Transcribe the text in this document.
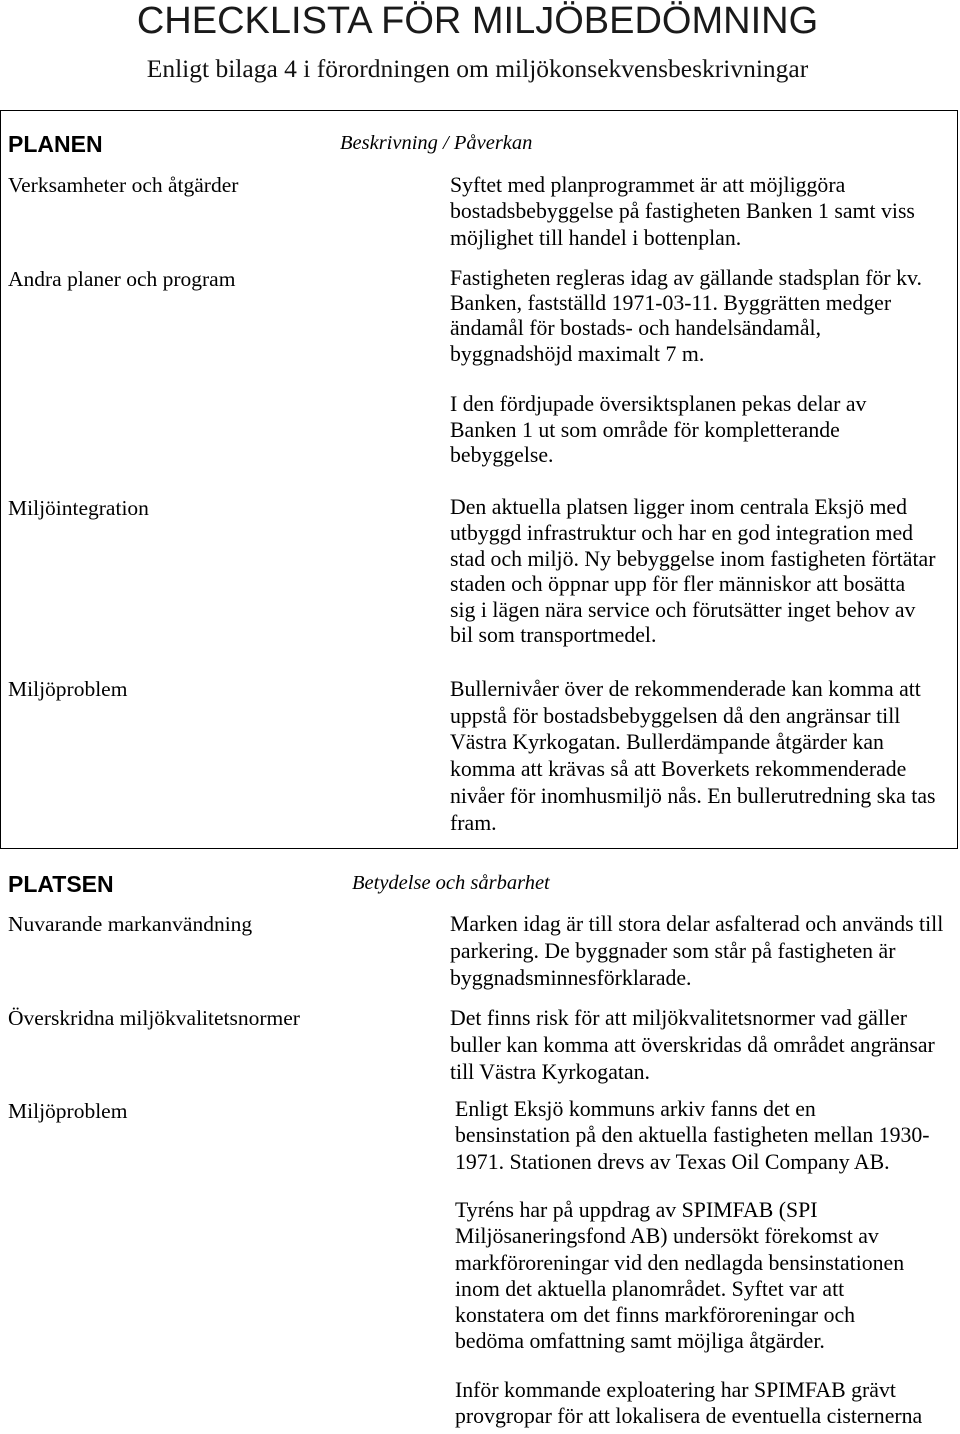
CHECKLISTA FÖR MILJÖBEDÖMNING
Enligt bilaga 4 i förordningen om miljökonsekvensbeskrivningar
PLANEN	Beskrivning / Påverkan
Verksamheter och åtgärder	Syftet med planprogrammet är att möjliggöra
bostadsbebyggelse på fastigheten Banken 1 samt viss
möjlighet till handel i bottenplan.
Andra planer och program	Fastigheten regleras idag av gällande stadsplan för kv.
Banken, fastställd 1971-03-11. Byggrätten medger
ändamål för bostads- och handelsändamål,
byggnadshöjd maximalt 7 m.
I den fördjupade översiktsplanen pekas delar av
Banken 1 ut som område för kompletterande
bebyggelse.
Miljöintegration	Den aktuella platsen ligger inom centrala Eksjö med
utbyggd infrastruktur och har en god integration med
stad och miljö. Ny bebyggelse inom fastigheten förtätar
staden och öppnar upp för fler människor att bosätta
sig i lägen nära service och förutsätter inget behov av
bil som transportmedel.
Miljöproblem	Bullernivåer över de rekommenderade kan komma att
uppstå för bostadsbebyggelsen då den angränsar till
Västra Kyrkogatan. Bullerdämpande åtgärder kan
komma att krävas så att Boverkets rekommenderade
nivåer för inomhusmiljö nås. En bullerutredning ska tas
fram.
PLATSEN	Betydelse och sårbarhet
Nuvarande markanvändning	Marken idag är till stora delar asfalterad och används till
parkering. De byggnader som står på fastigheten är
byggnadsminnesförklarade.
Överskridna miljökvalitetsnormer	Det finns risk för att miljökvalitetsnormer vad gäller
buller kan komma att överskridas då området angränsar
till Västra Kyrkogatan.
Miljöproblem	Enligt Eksjö kommuns arkiv fanns det en
bensinstation på den aktuella fastigheten mellan 1930-
1971. Stationen drevs av Texas Oil Company AB.
Tyréns har på uppdrag av SPIMFAB (SPI
Miljösaneringsfond AB) undersökt förekomst av
markföroreningar vid den nedlagda bensinstationen
inom det aktuella planområdet. Syftet var att
konstatera om det finns markföroreningar och
bedöma omfattning samt möjliga åtgärder.
Inför kommande exploatering har SPIMFAB grävt
provgropar för att lokalisera de eventuella cisternerna
